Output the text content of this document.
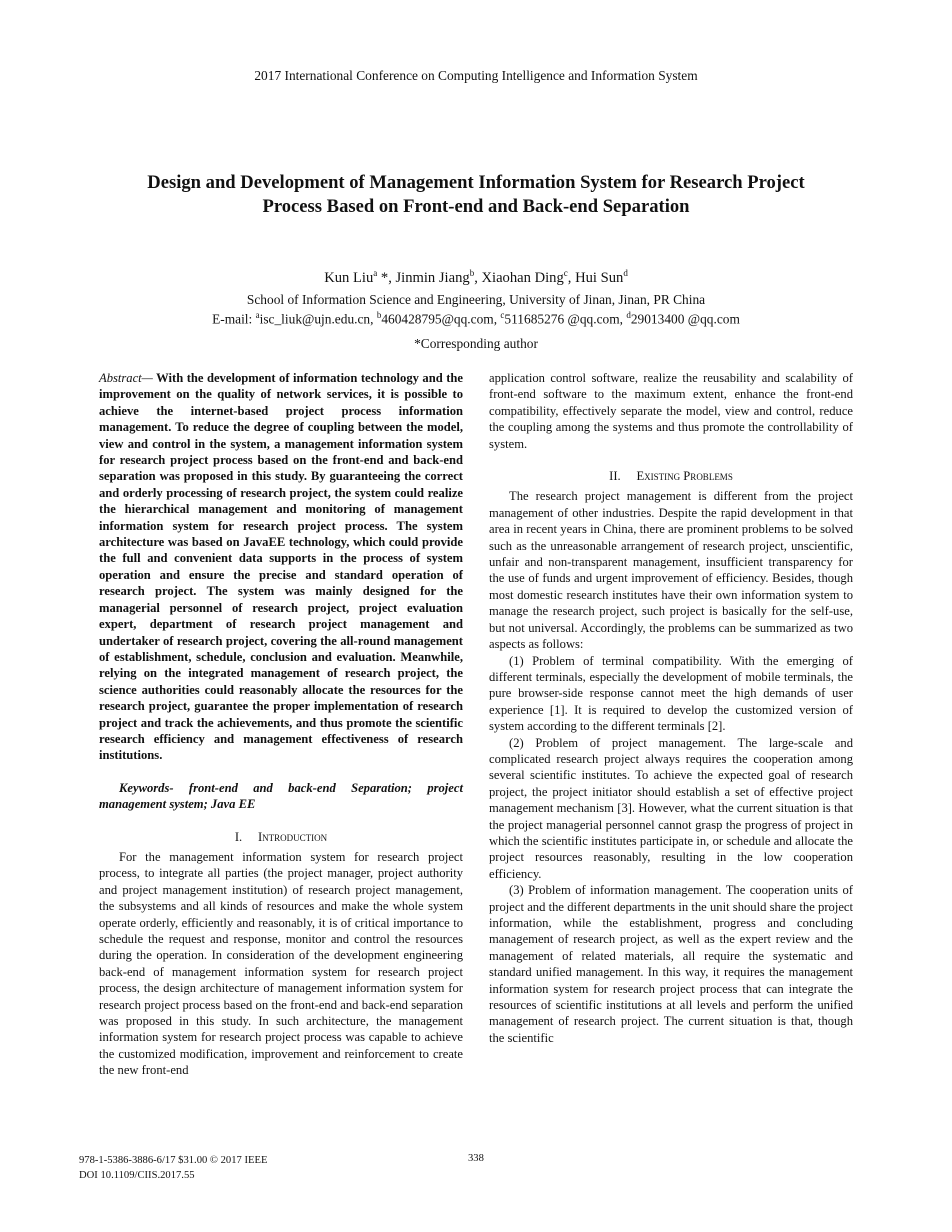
2017 International Conference on Computing Intelligence and Information System
Design and Development of Management Information System for Research Project
Process Based on Front-end and Back-end Separation
Kun Liu$^a$ *, Jinmin Jiang$^b$, Xiaohan Ding$^c$, Hui Sun$^d$
School of Information Science and Engineering, University of Jinan, Jinan, PR China
E-mail: $^a$isc_liuk@ujn.edu.cn, $^b$460428795@qq.com, $^c$511685276 @qq.com, $^d$29013400 @qq.com
*Corresponding author

Abstract— With the development of information technology and the improvement on the quality of network services, it is possible to achieve the internet-based project process information management. To reduce the degree of coupling between the model, view and control in the system, a management information system for research project process based on the front-end and back-end separation was proposed in this study. By guaranteeing the correct and orderly processing of research project, the system could realize the hierarchical management and monitoring of management information system for research project process. The system architecture was based on JavaEE technology, which could provide the full and convenient data supports in the process of system operation and ensure the precise and standard operation of research project. The system was mainly designed for the managerial personnel of research project, project evaluation expert, department of research project management and undertaker of research project, covering the all-round management of establishment, schedule, conclusion and evaluation. Meanwhile, relying on the integrated management of research project, the science authorities could reasonably allocate the resources for the research project, guarantee the proper implementation of research project and track the achievements, and thus promote the scientific research efficiency and management effectiveness of research institutions.

Keywords- front-end and back-end Separation; project management system; Java EE

I. Introduction

For the management information system for research project process, to integrate all parties (the project manager, project authority and project management institution) of research project management, the subsystems and all kinds of resources and make the whole system operate orderly, efficiently and reasonably, it is of critical importance to schedule the request and response, monitor and control the resources during the operation. In consideration of the development engineering back-end of management information system for research project process, the design architecture of management information system for research project process based on the front-end and back-end separation was proposed in this study. In such architecture, the management information system for research project process was capable to achieve the customized modification, improvement and reinforcement to create the new front-end

application control software, realize the reusability and scalability of front-end software to the maximum extent, enhance the front-end compatibility, effectively separate the model, view and control, reduce the coupling among the systems and thus promote the controllability of system.

II. Existing Problems

The research project management is different from the project management of other industries. Despite the rapid development in that area in recent years in China, there are prominent problems to be solved such as the unreasonable arrangement of research project, unscientific, unfair and non-transparent management, insufficient transparency for the use of funds and urgent improvement of efficiency. Besides, though most domestic research institutes have their own information system to manage the research project, such project is basically for the self-use, but not universal. Accordingly, the problems can be summarized as two aspects as follows:

(1) Problem of terminal compatibility. With the emerging of different terminals, especially the development of mobile terminals, the pure browser-side response cannot meet the high demands of user experience [1]. It is required to develop the customized version of system according to the different terminals [2].

(2) Problem of project management. The large-scale and complicated research project always requires the cooperation among several scientific institutes. To achieve the expected goal of research project, the project initiator should establish a set of effective project management mechanism [3]. However, what the current situation is that the project managerial personnel cannot grasp the progress of project in which the scientific institutes participate in, or schedule and allocate the project resources reasonably, resulting in the low cooperation efficiency.

(3) Problem of information management. The cooperation units of project and the different departments in the unit should share the project information, while the establishment, progress and concluding management of research project, as well as the expert review and the management of related materials, all require the systematic and standard unified management. In this way, it requires the management information system for research project process that can integrate the resources of scientific institutions at all levels and perform the unified management of research project. The current situation is that, though the scientific

978-1-5386-3886-6/17 $31.00 © 2017 IEEE
DOI 10.1109/CIIS.2017.55
338
